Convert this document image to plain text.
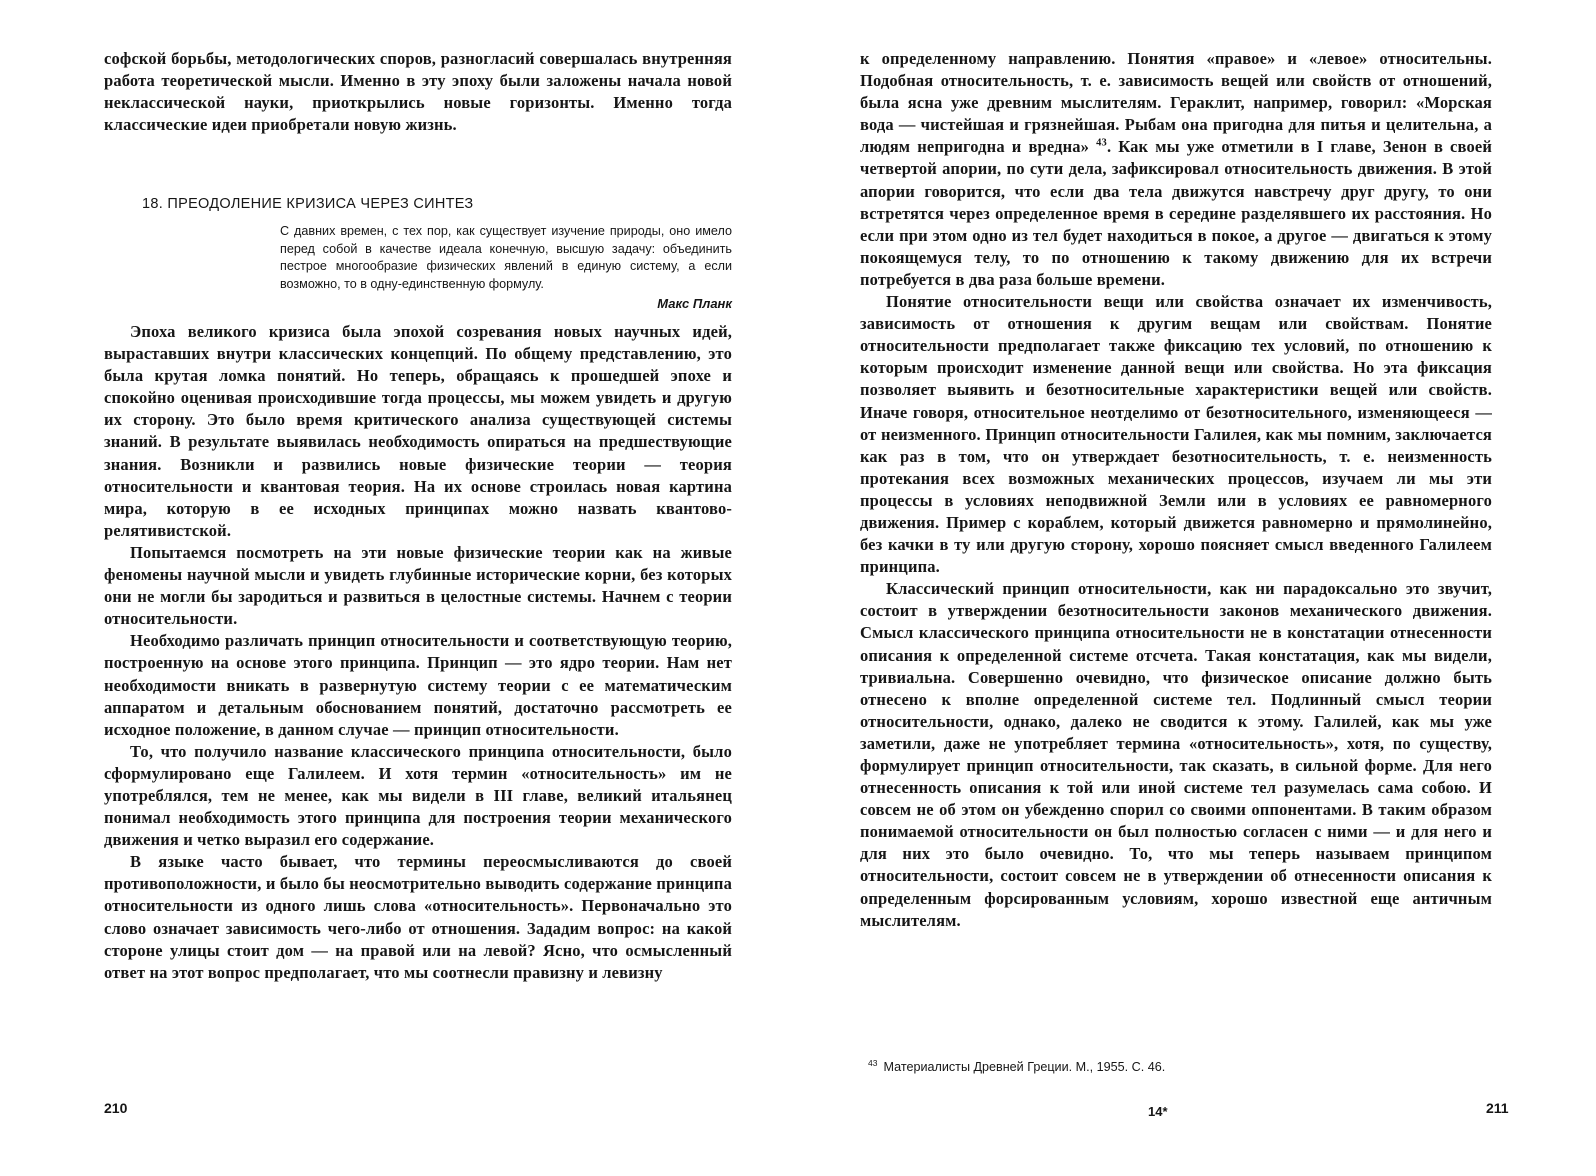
софской борьбы, методологических споров, разногласий совершалась внутренняя работа теоретической мысли. Именно в эту эпоху были заложены начала новой неклассической науки, приоткрылись новые горизонты. Именно тогда классические идеи приобретали новую жизнь.

18. ПРЕОДОЛЕНИЕ КРИЗИСА ЧЕРЕЗ СИНТЕЗ

С давних времен, с тех пор, как существует изучение природы, оно имело перед собой в качестве идеала конечную, высшую задачу: объединить пестрое многообразие физических явлений в единую систему, а если возможно, то в одну-единственную формулу.

Макс Планк

Эпоха великого кризиса была эпохой созревания новых научных идей, выраставших внутри классических концепций. По общему представлению, это была крутая ломка понятий. Но теперь, обращаясь к прошедшей эпохе и спокойно оценивая происходившие тогда процессы, мы можем увидеть и другую их сторону. Это было время критического анализа существующей системы знаний. В результате выявилась необходимость опираться на предшествующие знания. Возникли и развились новые физические теории — теория относительности и квантовая теория. На их основе строилась новая картина мира, которую в ее исходных принципах можно назвать квантово-релятивистской.

Попытаемся посмотреть на эти новые физические теории как на живые феномены научной мысли и увидеть глубинные исторические корни, без которых они не могли бы зародиться и развиться в целостные системы. Начнем с теории относительности.

Необходимо различать принцип относительности и соответствующую теорию, построенную на основе этого принципа. Принцип — это ядро теории. Нам нет необходимости вникать в развернутую систему теории с ее математическим аппаратом и детальным обоснованием понятий, достаточно рассмотреть ее исходное положение, в данном случае — принцип относительности.

То, что получило название классического принципа относительности, было сформулировано еще Галилеем. И хотя термин «относительность» им не употреблялся, тем не менее, как мы видели в III главе, великий итальянец понимал необходимость этого принципа для построения теории механического движения и четко выразил его содержание.

В языке часто бывает, что термины переосмысливаются до своей противоположности, и было бы неосмотрительно выводить содержание принципа относительности из одного лишь слова «относительность». Первоначально это слово означает зависимость чего-либо от отношения. Зададим вопрос: на какой стороне улицы стоит дом — на правой или на левой? Ясно, что осмысленный ответ на этот вопрос предполагает, что мы соотнесли правизну и левизну

210

к определенному направлению. Понятия «правое» и «левое» относительны. Подобная относительность, т. е. зависимость вещей или свойств от отношений, была ясна уже древним мыслителям. Гераклит, например, говорил: «Морская вода — чистейшая и грязнейшая. Рыбам она пригодна для питья и целительна, а людям непригодна и вредна» $^{43}$. Как мы уже отметили в I главе, Зенон в своей четвертой апории, по сути дела, зафиксировал относительность движения. В этой апории говорится, что если два тела движутся навстречу друг другу, то они встретятся через определенное время в середине разделявшего их расстояния. Но если при этом одно из тел будет находиться в покое, а другое — двигаться к этому покоящемуся телу, то по отношению к такому движению для их встречи потребуется в два раза больше времени.

Понятие относительности вещи или свойства означает их изменчивость, зависимость от отношения к другим вещам или свойствам. Понятие относительности предполагает также фиксацию тех условий, по отношению к которым происходит изменение данной вещи или свойства. Но эта фиксация позволяет выявить и безотносительные характеристики вещей или свойств. Иначе говоря, относительное неотделимо от безотносительного, изменяющееся — от неизменного. Принцип относительности Галилея, как мы помним, заключается как раз в том, что он утверждает безотносительность, т. е. неизменность протекания всех возможных механических процессов, изучаем ли мы эти процессы в условиях неподвижной Земли или в условиях ее равномерного движения. Пример с кораблем, который движется равномерно и прямолинейно, без качки в ту или другую сторону, хорошо поясняет смысл введенного Галилеем принципа.

Классический принцип относительности, как ни парадоксально это звучит, состоит в утверждении безотносительности законов механического движения. Смысл классического принципа относительности не в констатации отнесенности описания к определенной системе отсчета. Такая констатация, как мы видели, тривиальна. Совершенно очевидно, что физическое описание должно быть отнесено к вполне определенной системе тел. Подлинный смысл теории относительности, однако, далеко не сводится к этому. Галилей, как мы уже заметили, даже не употребляет термина «относительность», хотя, по существу, формулирует принцип относительности, так сказать, в сильной форме. Для него отнесенность описания к той или иной системе тел разумелась сама собою. И совсем не об этом он убежденно спорил со своими оппонентами. В таким образом понимаемой относительности он был полностью согласен с ними — и для него и для них это было очевидно. То, что мы теперь называем принципом относительности, состоит совсем не в утверждении об отнесенности описания к определенным форсированным условиям, хорошо известной еще античным мыслителям.

$^{43}$ Материалисты Древней Греции. М., 1955. С. 46.

14*	211
